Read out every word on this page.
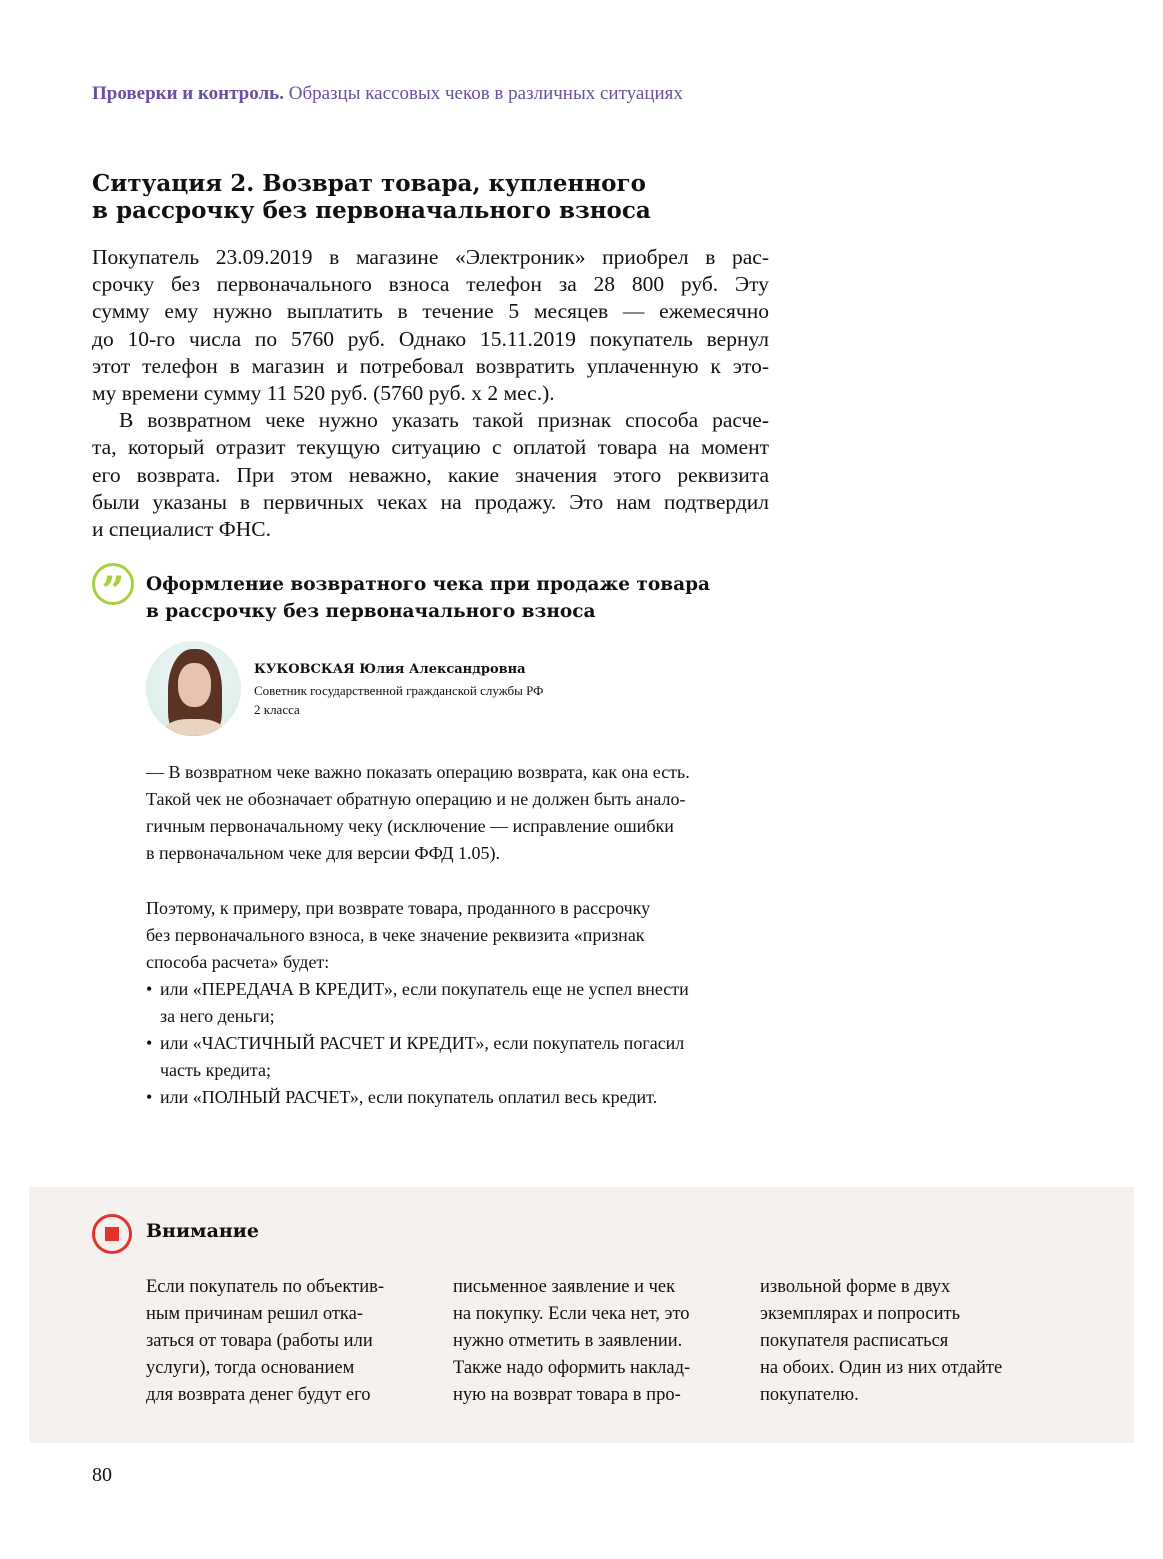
Проверки и контроль. Образцы кассовых чеков в различных ситуациях
Ситуация 2. Возврат товара, купленного
в рассрочку без первоначального взноса
Покупатель 23.09.2019 в магазине «Электроник» приобрел в рас-
срочку без первоначального взноса телефон за 28 800 руб. Эту
сумму ему нужно выплатить в течение 5 месяцев — ежемесячно
до 10-го числа по 5760 руб. Однако 15.11.2019 покупатель вернул
этот телефон в магазин и потребовал возвратить уплаченную к это-
му времени сумму 11 520 руб. (5760 руб. х 2 мес.).
В возвратном чеке нужно указать такой признак способа расче-
та, который отразит текущую ситуацию с оплатой товара на момент
его возврата. При этом неважно, какие значения этого реквизита
были указаны в первичных чеках на продажу. Это нам подтвердил
и специалист ФНС.
”	Оформление возвратного чека при продаже товара
в рассрочку без первоначального взноса
КУКОВСКАЯ Юлия Александровна
Советник государственной гражданской службы РФ
2 класса
— В возвратном чеке важно показать операцию возврата, как она есть.
Такой чек не обозначает обратную операцию и не должен быть анало-
гичным первоначальному чеку (исключение — исправление ошибки
в первоначальном чеке для версии ФФД 1.05).
Поэтому, к примеру, при возврате товара, проданного в рассрочку
без первоначального взноса, в чеке значение реквизита «признак
способа расчета» будет:
• или «ПЕРЕДАЧА В КРЕДИТ», если покупатель еще не успел внести
за него деньги;
• или «ЧАСТИЧНЫЙ РАСЧЕТ И КРЕДИТ», если покупатель погасил
часть кредита;
• или «ПОЛНЫЙ РАСЧЕТ», если покупатель оплатил весь кредит.
Внимание
Если покупатель по объектив-
ным причинам решил отка-
заться от товара (работы или
услуги), тогда основанием
для возврата денег будут его
письменное заявление и чек
на покупку. Если чека нет, это
нужно отметить в заявлении.
Также надо оформить наклад-
ную на возврат товара в про-
извольной форме в двух
экземплярах и попросить
покупателя расписаться
на обоих. Один из них отдайте
покупателю.
80
